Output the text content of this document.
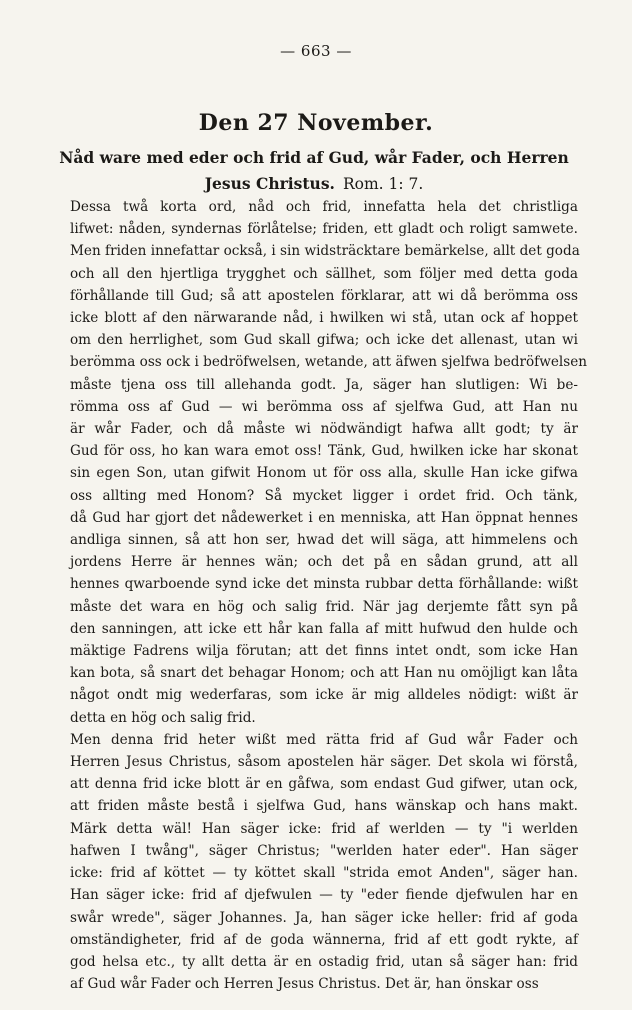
— 663 —
Den 27 November.
Nåd ware med eder och frid af Gud, wår Fader, och Herren
Jesus Christus. Rom. 1: 7.

Dessa twå korta ord, nåd och frid, innefatta hela det christliga
lifwet: nåden, syndernas förlåtelse; friden, ett gladt och roligt samwete.
Men friden innefattar också, i sin widsträcktare bemärkelse, allt det goda
och all den hjertliga trygghet och sällhet, som följer med detta goda
förhållande till Gud; så att apostelen förklarar, att wi då berömma oss
icke blott af den närwarande nåd, i hwilken wi stå, utan ock af hoppet
om den herrlighet, som Gud skall gifwa; och icke det allenast, utan wi
berömma oss ock i bedröfwelsen, wetande, att äfwen sjelfwa bedröfwelsen
måste tjena oss till allehanda godt. Ja, säger han slutligen: Wi be-
römma oss af Gud — wi berömma oss af sjelfwa Gud, att Han nu
är wår Fader, och då måste wi nödwändigt hafwa allt godt; ty är
Gud för oss, ho kan wara emot oss! Tänk, Gud, hwilken icke har skonat
sin egen Son, utan gifwit Honom ut för oss alla, skulle Han icke gifwa
oss allting med Honom? Så mycket ligger i ordet frid. Och tänk,
då Gud har gjort det nådewerket i en menniska, att Han öppnat hennes
andliga sinnen, så att hon ser, hwad det will säga, att himmelens och
jordens Herre är hennes wän; och det på en sådan grund, att all
hennes qwarboende synd icke det minsta rubbar detta förhållande: wißt
måste det wara en hög och salig frid. När jag derjemte fått syn på
den sanningen, att icke ett hår kan falla af mitt hufwud den hulde och
mäktige Fadrens wilja förutan; att det finns intet ondt, som icke Han
kan bota, så snart det behagar Honom; och att Han nu omöjligt kan låta
något ondt mig wederfaras, som icke är mig alldeles nödigt: wißt är
detta en hög och salig frid.

Men denna frid heter wißt med rätta frid af Gud wår Fader och
Herren Jesus Christus, såsom apostelen här säger. Det skola wi förstå,
att denna frid icke blott är en gåfwa, som endast Gud gifwer, utan ock,
att friden måste bestå i sjelfwa Gud, hans wänskap och hans makt.
Märk detta wäl! Han säger icke: frid af werlden — ty "i werlden
hafwen I twång", säger Christus; "werlden hater eder". Han säger
icke: frid af köttet — ty köttet skall "strida emot Anden", säger han.
Han säger icke: frid af djefwulen — ty "eder fiende djefwulen har en
swår wrede", säger Johannes. Ja, han säger icke heller: frid af goda
omständigheter, frid af de goda wännerna, frid af ett godt rykte, af
god helsa etc., ty allt detta är en ostadig frid, utan så säger han: frid
af Gud wår Fader och Herren Jesus Christus. Det är, han önskar oss
